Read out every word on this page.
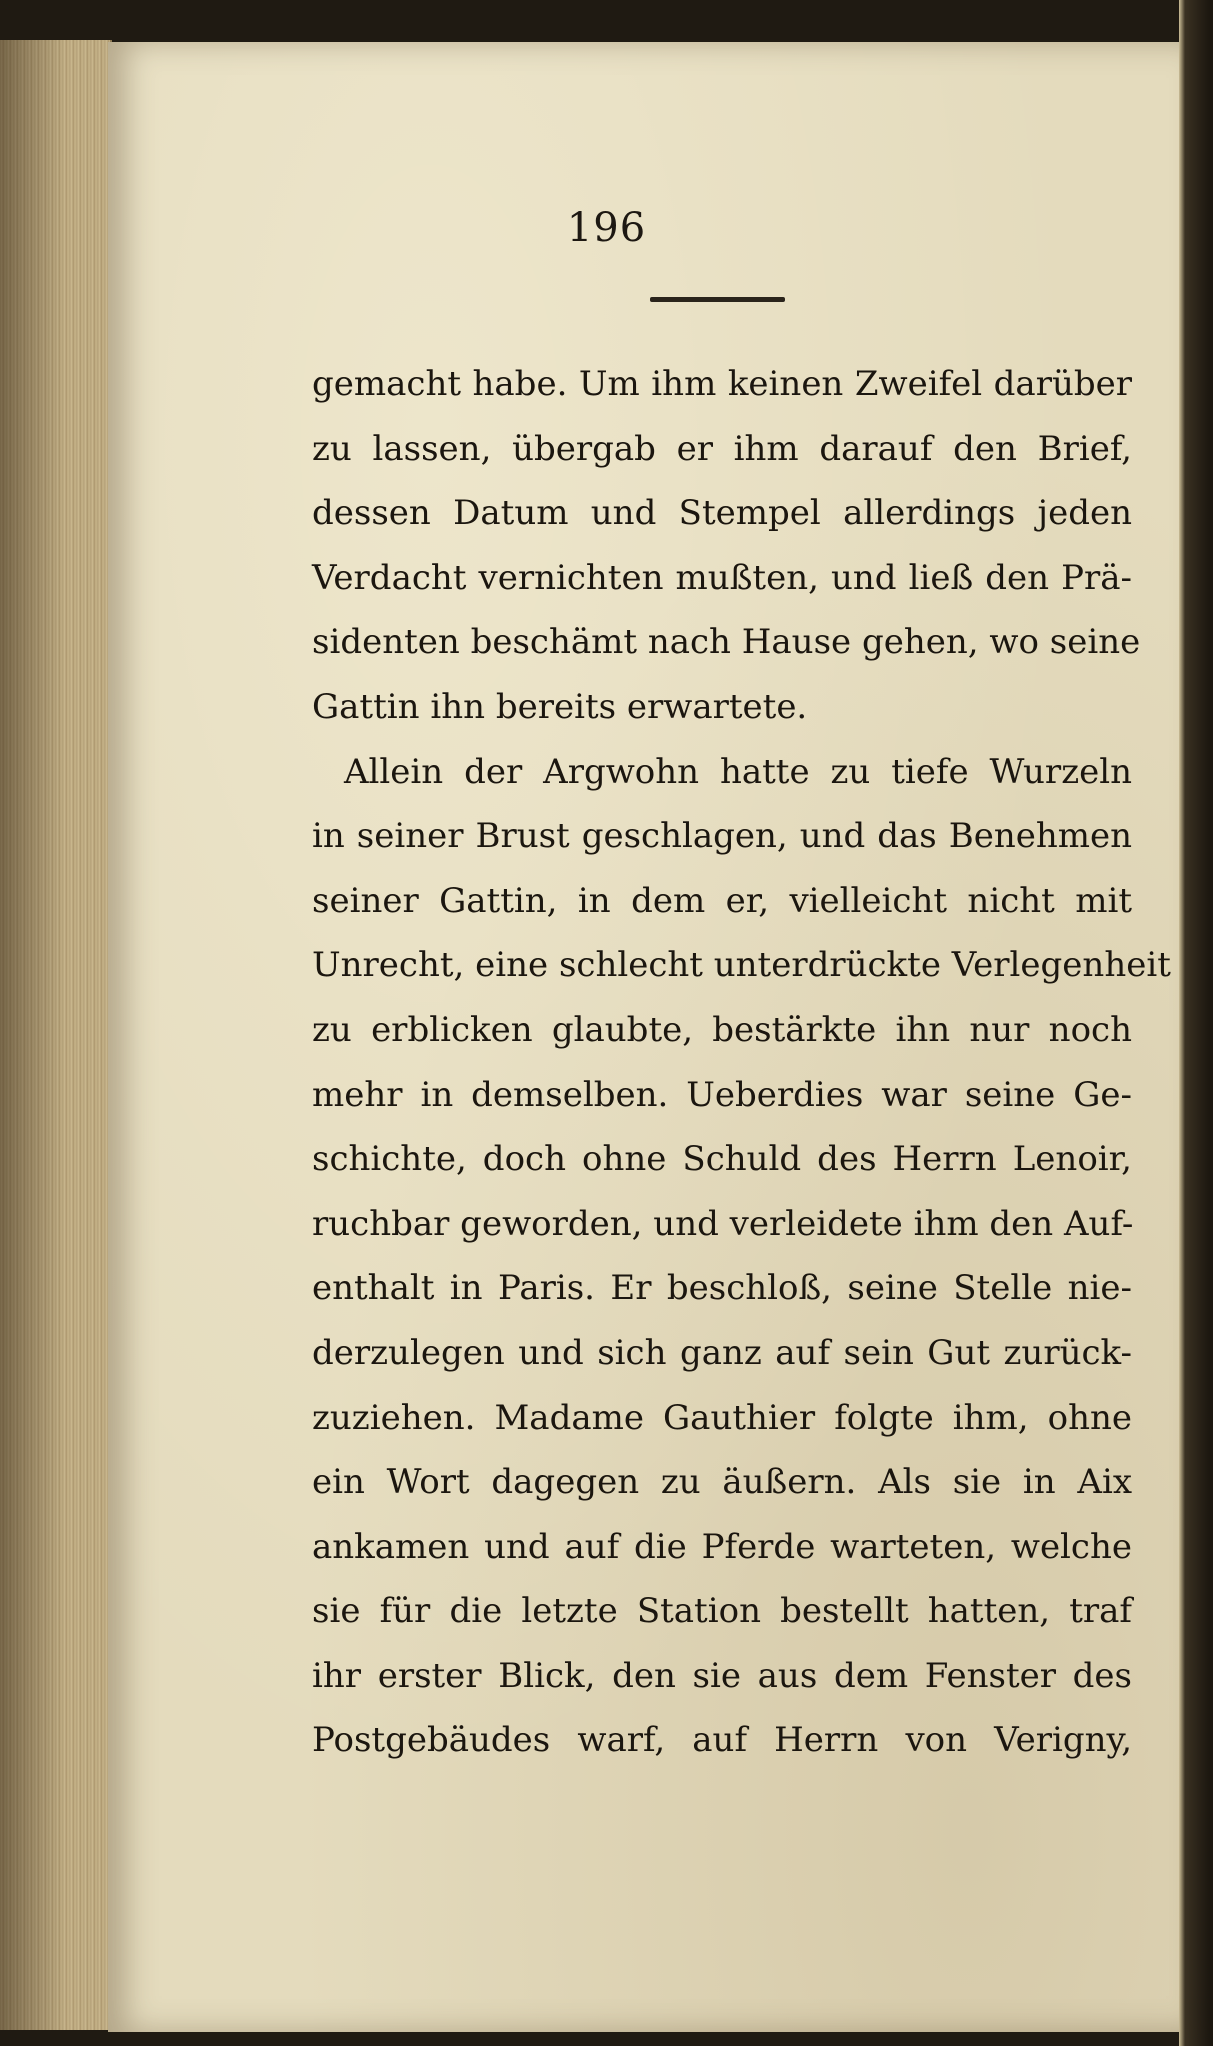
196
gemacht habe. Um ihm keinen Zweifel darüber
zu lassen, übergab er ihm darauf den Brief,
dessen Datum und Stempel allerdings jeden
Verdacht vernichten mußten, und ließ den Prä-
sidenten beschämt nach Hause gehen, wo seine
Gattin ihn bereits erwartete.
Allein der Argwohn hatte zu tiefe Wurzeln
in seiner Brust geschlagen, und das Benehmen
seiner Gattin, in dem er, vielleicht nicht mit
Unrecht, eine schlecht unterdrückte Verlegenheit
zu erblicken glaubte, bestärkte ihn nur noch
mehr in demselben. Ueberdies war seine Ge-
schichte, doch ohne Schuld des Herrn Lenoir,
ruchbar geworden, und verleidete ihm den Auf-
enthalt in Paris. Er beschloß, seine Stelle nie-
derzulegen und sich ganz auf sein Gut zurück-
zuziehen. Madame Gauthier folgte ihm, ohne
ein Wort dagegen zu äußern. Als sie in Aix
ankamen und auf die Pferde warteten, welche
sie für die letzte Station bestellt hatten, traf
ihr erster Blick, den sie aus dem Fenster des
Postgebäudes warf, auf Herrn von Verigny,
